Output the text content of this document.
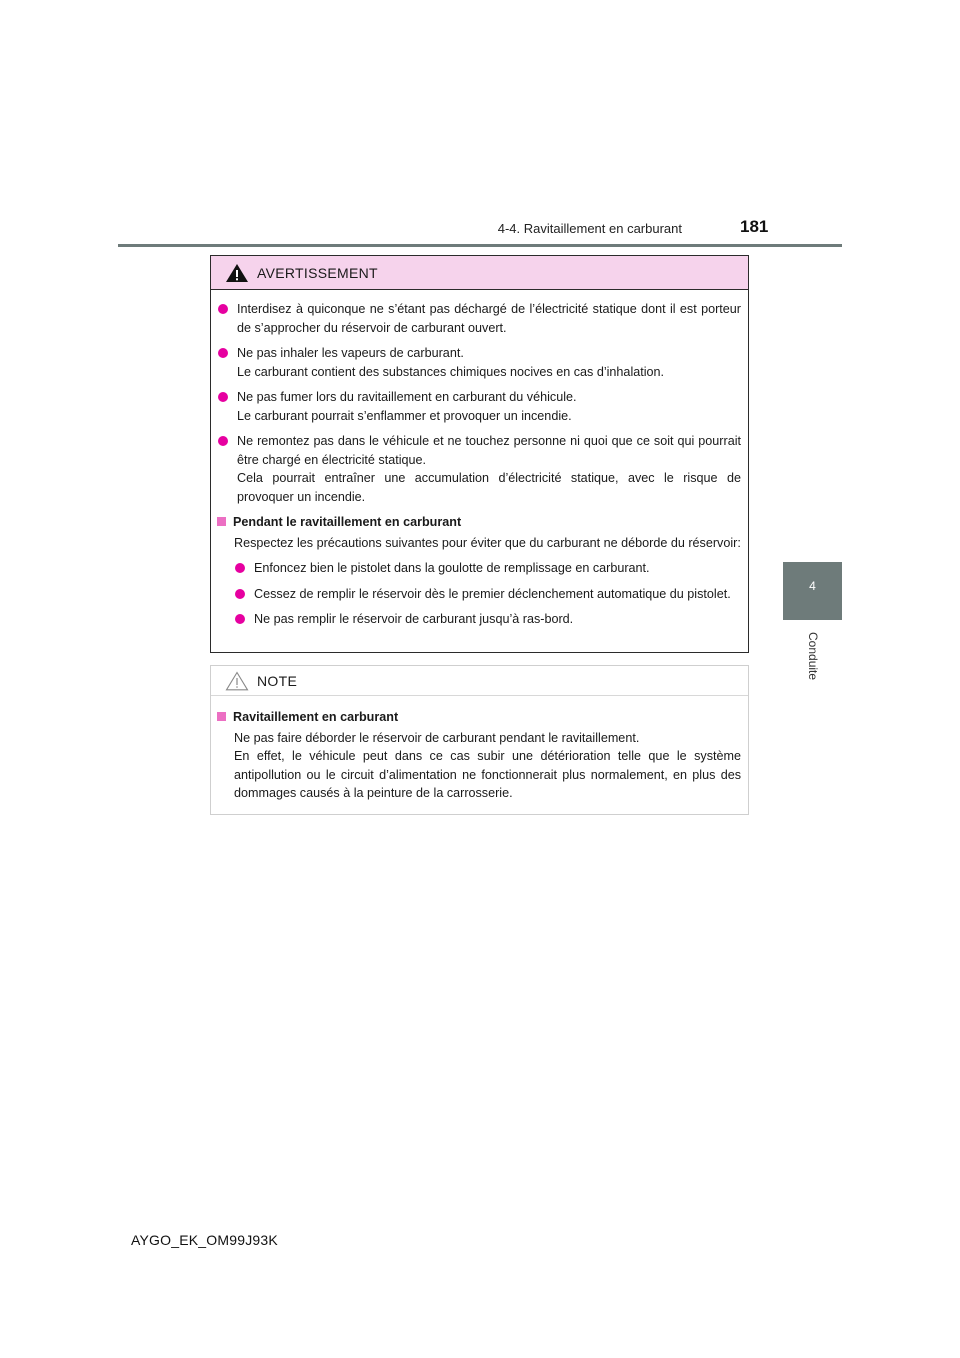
4-4. Ravitaillement en carburant	181
4
Conduite
AVERTISSEMENT
Interdisez à quiconque ne s’étant pas déchargé de l’électricité statique dont il est porteur de s’approcher du réservoir de carburant ouvert.
Ne pas inhaler les vapeurs de carburant.
Le carburant contient des substances chimiques nocives en cas d’inhalation.
Ne pas fumer lors du ravitaillement en carburant du véhicule.
Le carburant pourrait s’enflammer et provoquer un incendie.
Ne remontez pas dans le véhicule et ne touchez personne ni quoi que ce soit qui pourrait être chargé en électricité statique.
Cela pourrait entraîner une accumulation d’électricité statique, avec le risque de provoquer un incendie.
Pendant le ravitaillement en carburant
Respectez les précautions suivantes pour éviter que du carburant ne déborde du réservoir:
Enfoncez bien le pistolet dans la goulotte de remplissage en carburant.
Cessez de remplir le réservoir dès le premier déclenchement automatique du pistolet.
Ne pas remplir le réservoir de carburant jusqu’à ras-bord.
NOTE
Ravitaillement en carburant
Ne pas faire déborder le réservoir de carburant pendant le ravitaillement.
En effet, le véhicule peut dans ce cas subir une détérioration telle que le système antipollution ou le circuit d’alimentation ne fonctionnerait plus normalement, en plus des dommages causés à la peinture de la carrosserie.
AYGO_EK_OM99J93K
